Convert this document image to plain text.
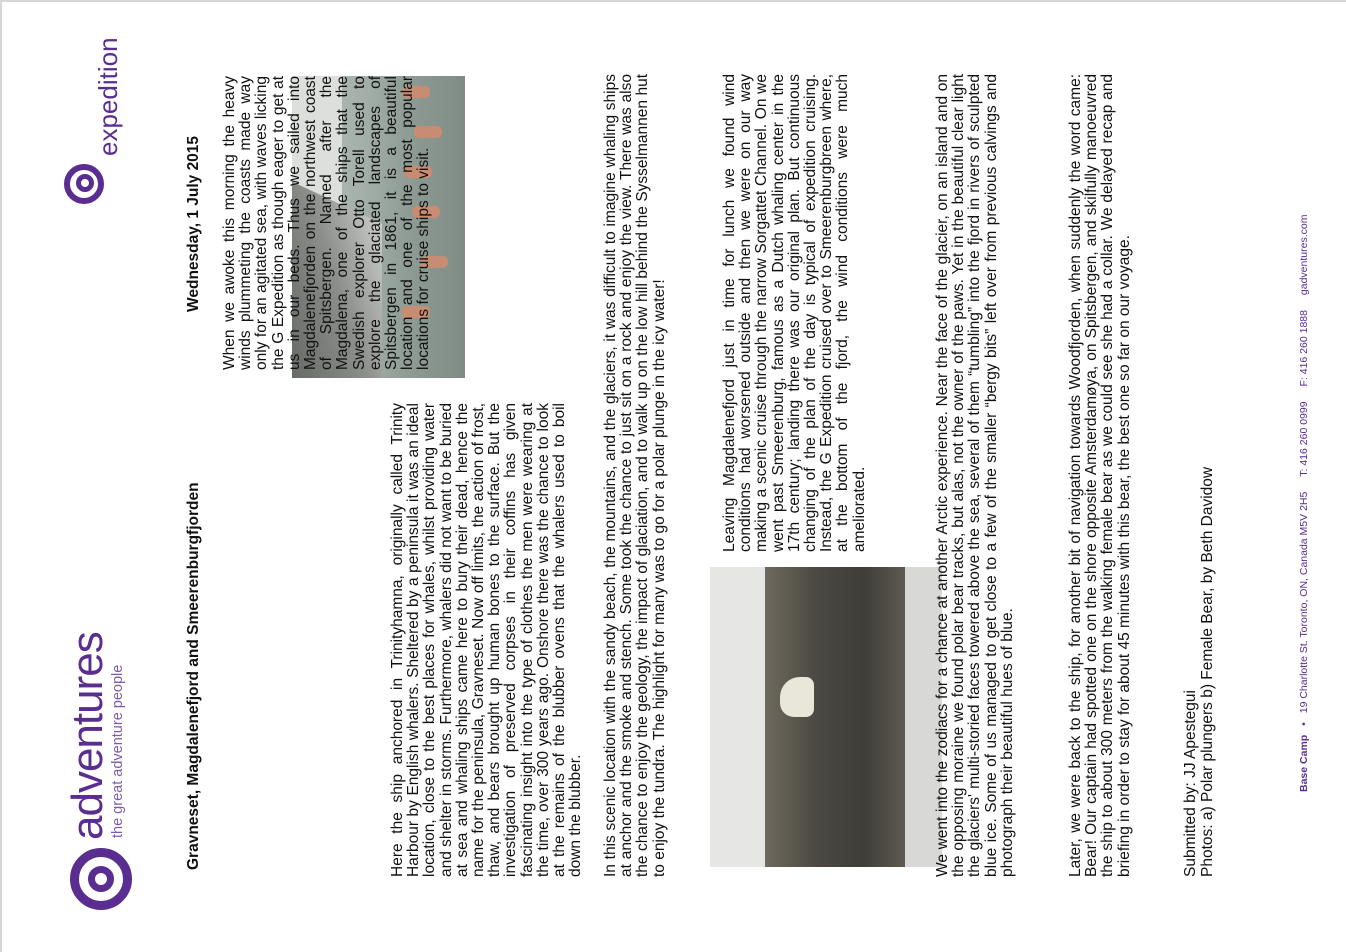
adventures
the great adventure people
expedition
Gravneset, Magdalenefjord and Smeerenburgfjorden
Wednesday, 1 July 2015 When we awoke this morning the heavy winds plummeting the coasts made way only for an agitated sea, with waves licking the G Expedition as though eager to get at us in our beds. Thus we sailed into Magdalenefjorden on the northwest coast of Spitsbergen. Named after the Magdalena, one of the ships that the Swedish explorer Otto Torell used to explore the glaciated landscapes of Spitsbergen in 1861, it is a beautiful location and one of the most popular locations for cruise ships to visit.

Here the ship anchored in Trinityhamna, originally called Trinity Harbour by English whalers. Sheltered by a peninsula it was an ideal location, close to the best places for whales, whilst providing water and shelter in storms. Furthermore, whalers did not want to be buried at sea and whaling ships came here to bury their dead, hence the name for the peninsula, Gravneset. Now off limits, the action of frost, thaw, and bears brought up human bones to the surface. But the investigation of preserved corpses in their coffins has given fascinating insight into the type of clothes the men were wearing at the time, over 300 years ago. Onshore there was the chance to look at the remains of the blubber ovens that the whalers used to boil down the blubber. In this scenic location with the sandy beach, the mountains, and the glaciers, it was difficult to imagine whaling ships at anchor and the smoke and stench. Some took the chance to just sit on a rock and enjoy the view. There was also the chance to enjoy the geology, the impact of glaciation, and to walk up on the low hill behind the Sysselmannen hut to enjoy the tundra. The highlight for many was to go for a polar plunge in the icy water!	Leaving Magdalenefjord just in time for lunch we found wind conditions had worsened outside and then we were on our way making a scenic cruise through the narrow Sorgattet Channel. On we went past Smeerenburg, famous as a Dutch whaling center in the 17th century; landing there was our original plan. But continuous changing of the plan of the day is typical of expedition cruising. Instead, the G Expedition cruised over to Smeerenburgbreen where, at the bottom of the fjord, the wind conditions were much ameliorated.	We went into the zodiacs for a chance at another Arctic experience. Near the face of the glacier, on an island and on the opposing moraine we found polar bear tracks, but alas, not the owner of the paws. Yet in the beautiful clear light the glaciers' multi-storied faces towered above the sea, several of them “tumbling” into the fjord in rivers of sculpted blue ice. Some of us managed to get close to a few of the smaller “bergy bits” left over from previous calvings and photograph their beautiful hues of blue.	Later, we were back to the ship, for another bit of navigation towards Woodfjorden, when suddenly the word came: Bear! Our captain had spotted one on the shore opposite Amsterdamøya, on Spitsbergen, and skilfully manoeuvred the ship to about 300 meters from the walking female bear as we could see she had a collar. We delayed recap and briefing in order to stay for about 45 minutes with this bear, the best one so far on our voyage.	Submitted by: JJ Apestegui Photos: a) Polar plungers b) Female Bear, by Beth Davidow	Base Camp • 19 Charlotte St. Toronto, ON, Canada M5V 2H5 T: 416 260 0999 F: 416 260 1888 gadventures.com
